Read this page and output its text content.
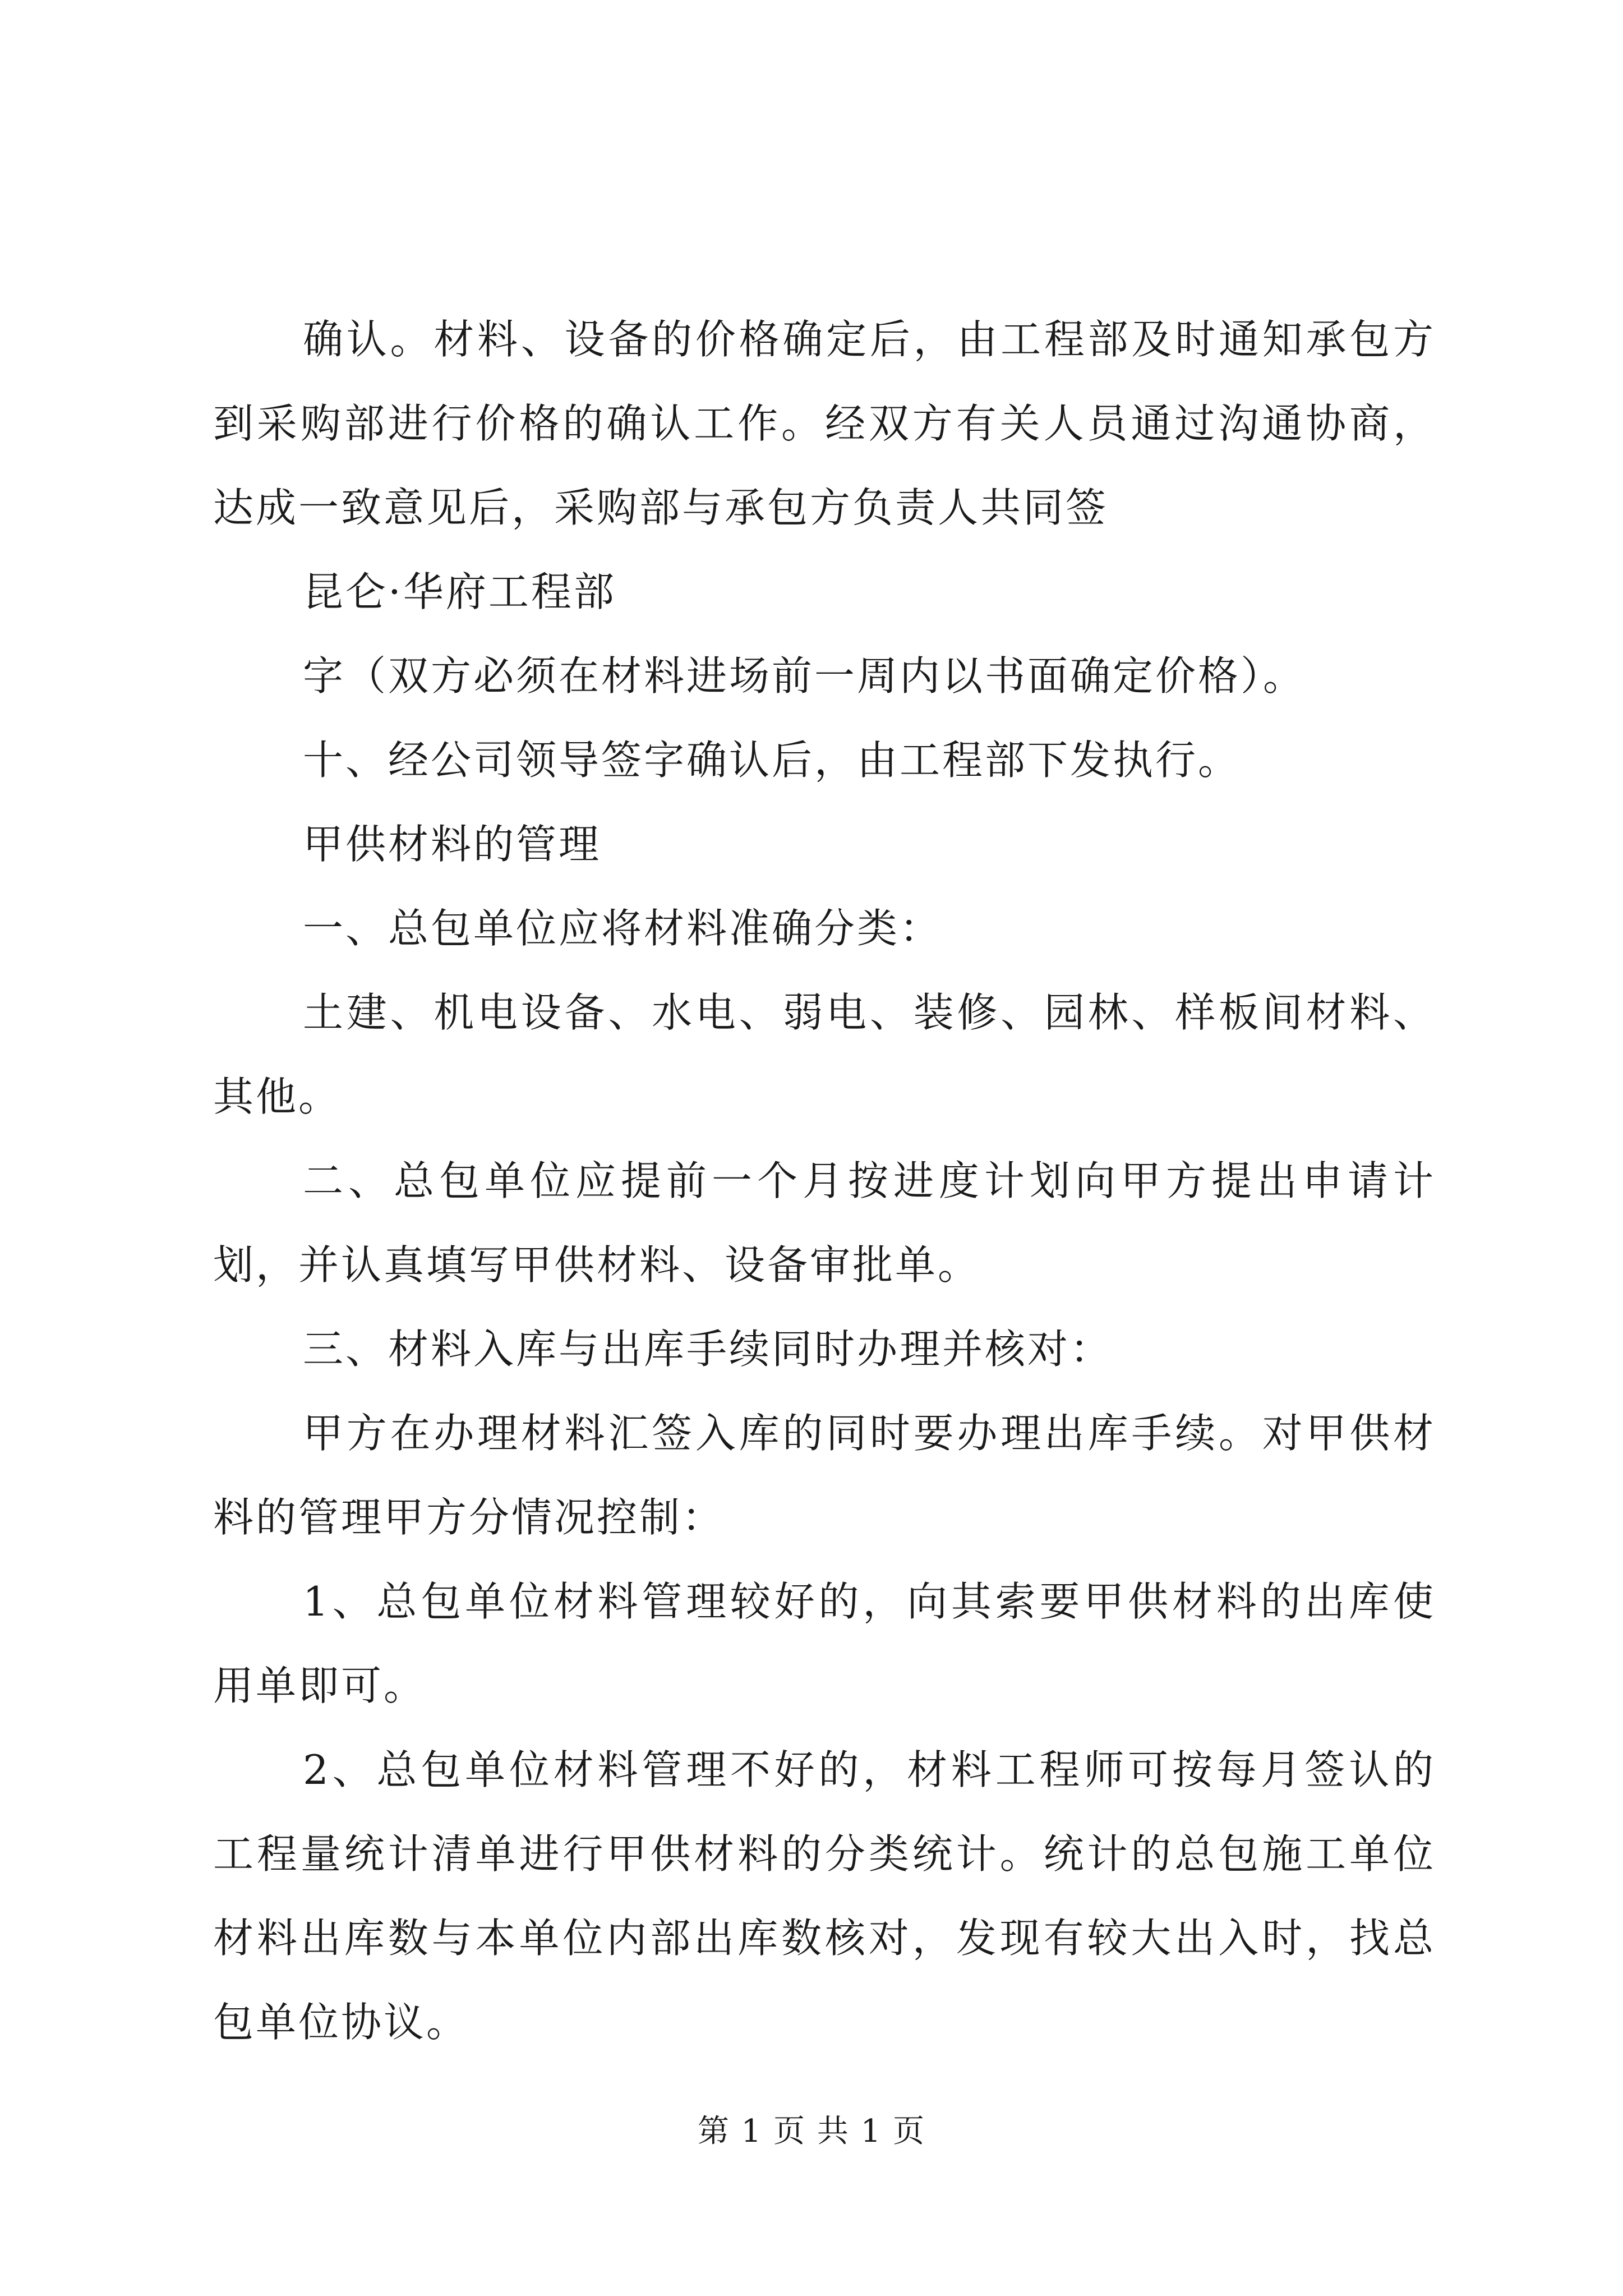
确认。材料、设备的价格确定后，由工程部及时通知承包方到采购部进行价格的确认工作。经双方有关人员通过沟通协商，达成一致意见后，采购部与承包方负责人共同签

昆仑·华府工程部

字（双方必须在材料进场前一周内以书面确定价格）。

十、经公司领导签字确认后，由工程部下发执行。

甲供材料的管理

一、总包单位应将材料准确分类：

土建、机电设备、水电、弱电、装修、园林、样板间材料、其他。

二、总包单位应提前一个月按进度计划向甲方提出申请计划，并认真填写甲供材料、设备审批单。

三、材料入库与出库手续同时办理并核对：

甲方在办理材料汇签入库的同时要办理出库手续。对甲供材料的管理甲方分情况控制：

1、总包单位材料管理较好的，向其索要甲供材料的出库使用单即可。

2、总包单位材料管理不好的，材料工程师可按每月签认的工程量统计清单进行甲供材料的分类统计。统计的总包施工单位材料出库数与本单位内部出库数核对，发现有较大出入时，找总包单位协议。

第 1 页 共 1 页
